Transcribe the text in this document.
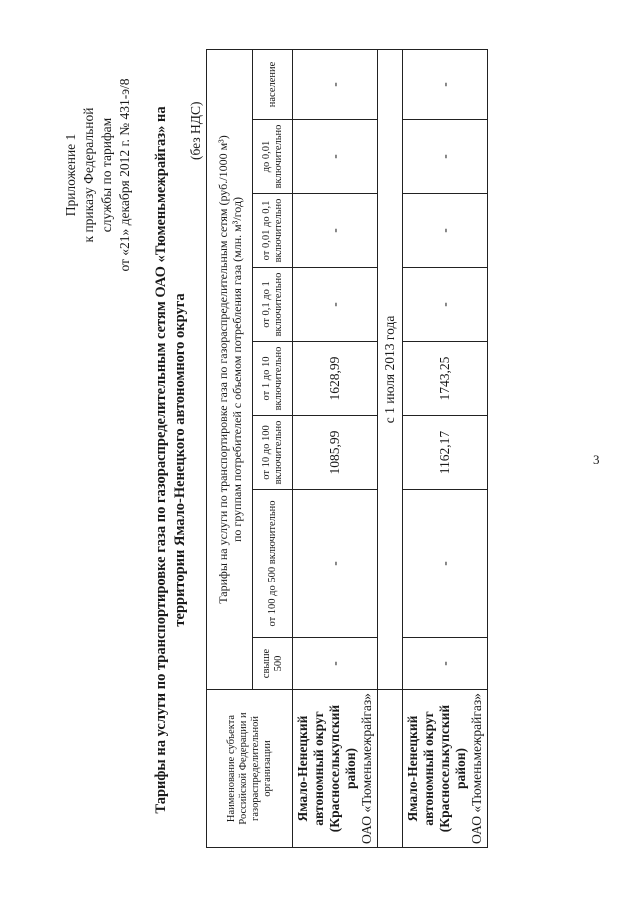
Приложение 1 к приказу Федеральной службы по тарифам от «21» декабря 2012 г. № 431-э/8 Тарифы на услуги по транспортировке газа по газораспределительным сетям ОАО «Тюменьмежрайгаз» на территории Ямало-Ненецкого автономного округа
(без НДС)
Наименование субъекта Российской Федерации и газораспределительной организации	Тарифы на услуги по транспортировке газа по газораспределительным сетям (руб./1000 м³) по группам потребителей с объемом потребления газа (млн. м³/год)							

	свыше 500	от 100 до 500 включительно	от 10 до 100 включительно	от 1 до 10 включительно	от 0,1 до 1 включительно	от 0,01 до 0,1 включительно	до 0,01 включительно	население

Ямало-Ненецкий автономный округ (Красноселькупский район) ОАО «Тюменьмежрайгаз»	-	-	1085,99	1628,99	-	-	-	-
	с 1 июля 2013 года							

Ямало-Ненецкий автономный округ (Красноселькупский район) ОАО «Тюменьмежрайгаз»	-	-	1162,17	1743,25	-	-	-	-
3
